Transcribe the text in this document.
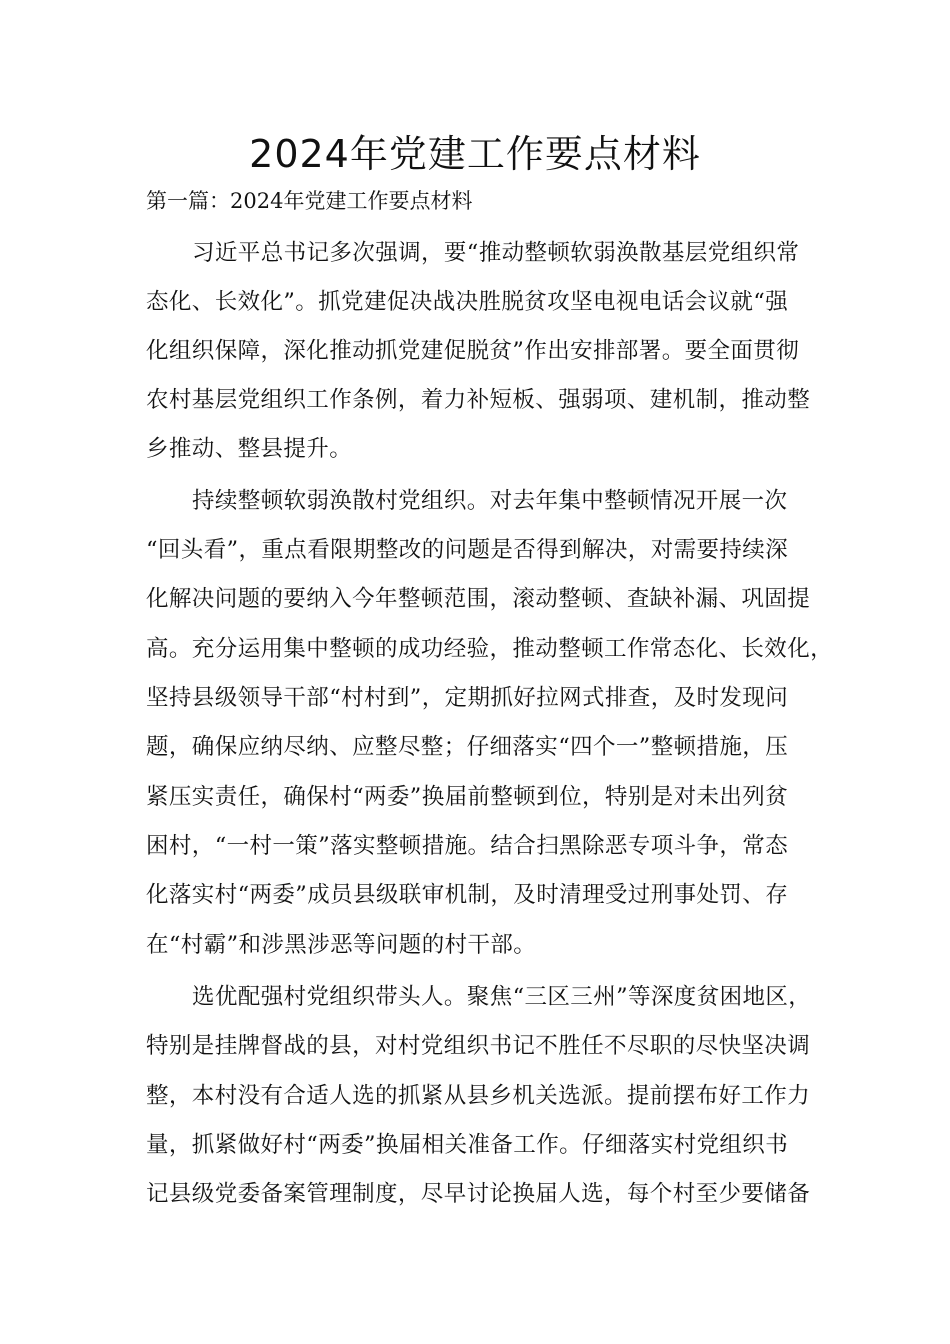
2024年党建工作要点材料
第一篇：2024年党建工作要点材料
习近平总书记多次强调，要“推动整顿软弱涣散基层党组织常
态化、长效化”。抓党建促决战决胜脱贫攻坚电视电话会议就“强
化组织保障，深化推动抓党建促脱贫”作出安排部署。要全面贯彻
农村基层党组织工作条例，着力补短板、强弱项、建机制，推动整
乡推动、整县提升。
持续整顿软弱涣散村党组织。对去年集中整顿情况开展一次
“回头看”，重点看限期整改的问题是否得到解决，对需要持续深
化解决问题的要纳入今年整顿范围，滚动整顿、查缺补漏、巩固提
高。充分运用集中整顿的成功经验，推动整顿工作常态化、长效化，
坚持县级领导干部“村村到”，定期抓好拉网式排查，及时发现问
题，确保应纳尽纳、应整尽整；仔细落实“四个一”整顿措施，压
紧压实责任，确保村“两委”换届前整顿到位，特别是对未出列贫
困村，“一村一策”落实整顿措施。结合扫黑除恶专项斗争，常态
化落实村“两委”成员县级联审机制，及时清理受过刑事处罚、存
在“村霸”和涉黑涉恶等问题的村干部。
选优配强村党组织带头人。聚焦“三区三州”等深度贫困地区，
特别是挂牌督战的县，对村党组织书记不胜任不尽职的尽快坚决调
整，本村没有合适人选的抓紧从县乡机关选派。提前摆布好工作力
量，抓紧做好村“两委”换届相关准备工作。仔细落实村党组织书
记县级党委备案管理制度，尽早讨论换届人选，每个村至少要储备
